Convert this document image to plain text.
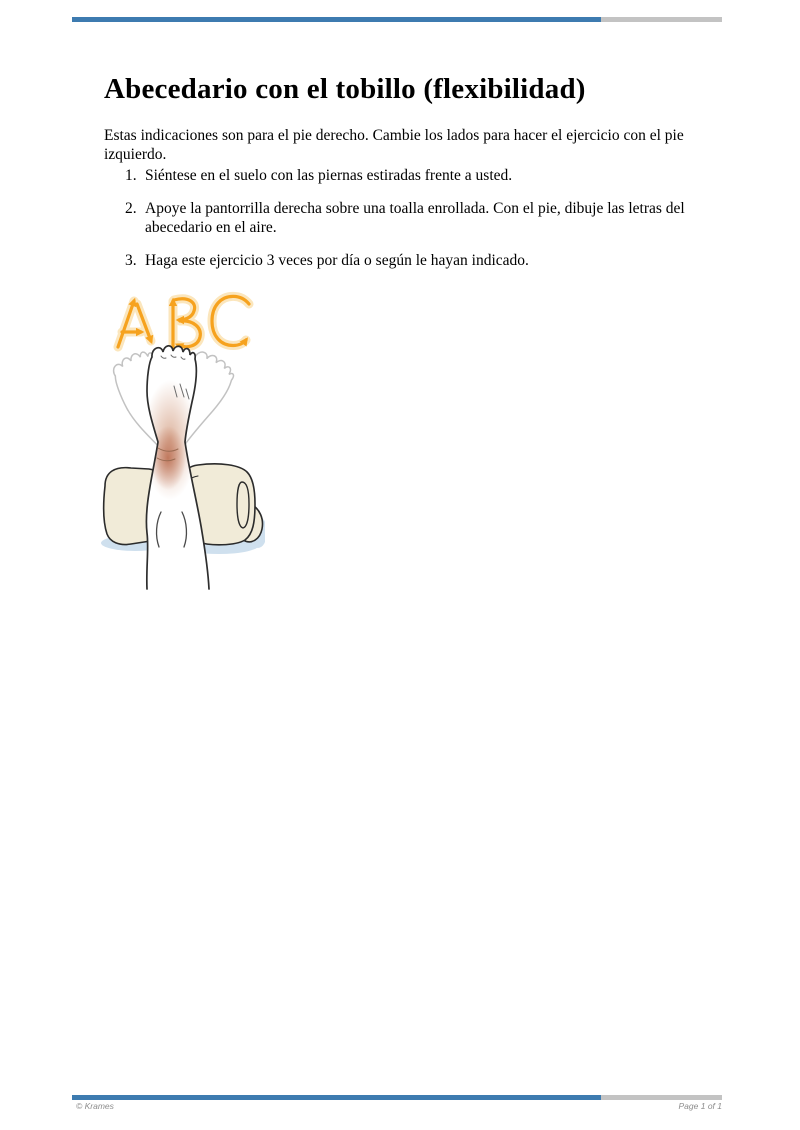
Abecedario con el tobillo (flexibilidad)

Estas indicaciones son para el pie derecho. Cambie los lados para hacer el ejercicio con el pie izquierdo.

1. Siéntese en el suelo con las piernas estiradas frente a usted.
2. Apoye la pantorrilla derecha sobre una toalla enrollada. Con el pie, dibuje las letras del abecedario en el aire.
3. Haga este ejercicio 3 veces por día o según le hayan indicado.
© Krames	Page 1 of 1
